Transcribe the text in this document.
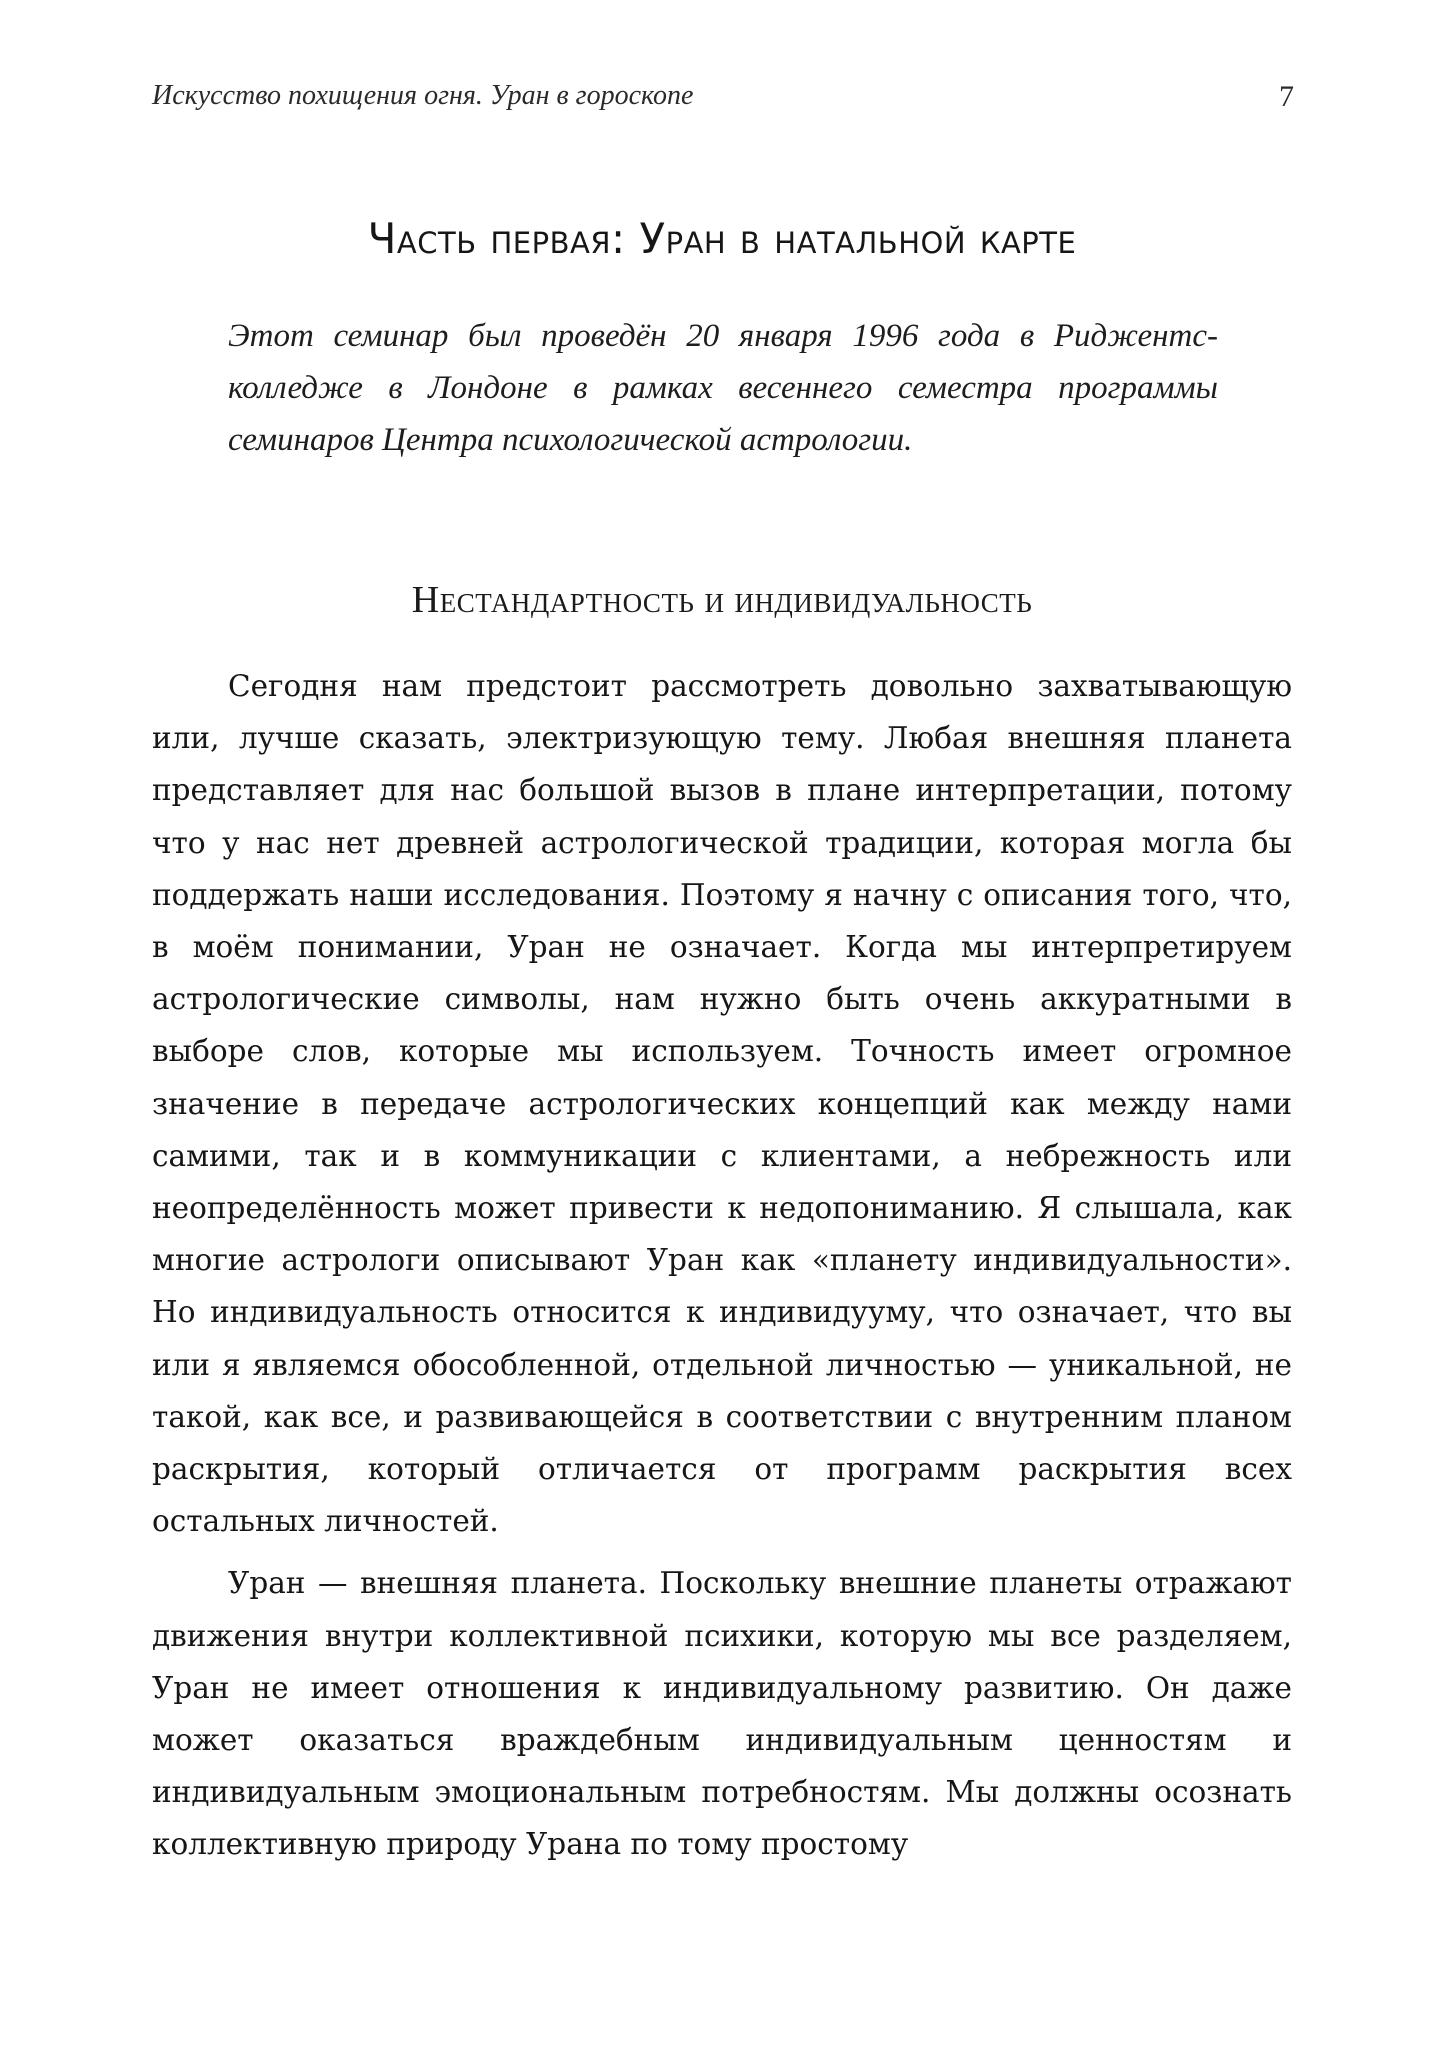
Искусство похищения огня. Уран в гороскопе	7
Часть первая: Уран в натальной карте

Этот семинар был проведён 20 января 1996 года в Риджентс-колледже в Лондоне в рамках весеннего семестра программы семинаров Центра психологической астрологии.

Нестандартность и индивидуальность

Сегодня нам предстоит рассмотреть довольно захватывающую или, лучше сказать, электризующую тему. Любая внешняя планета представляет для нас большой вызов в плане интерпретации, потому что у нас нет древней астрологической традиции, которая могла бы поддержать наши исследования. Поэтому я начну с описания того, что, в моём понимании, Уран не означает. Когда мы интерпретируем астрологические символы, нам нужно быть очень аккуратными в выборе слов, которые мы используем. Точность имеет огромное значение в передаче астрологических концепций как между нами самими, так и в коммуникации с клиентами, а небрежность или неопределённость может привести к недопониманию. Я слышала, как многие астрологи описывают Уран как «планету индивидуальности». Но индивидуальность относится к индивидууму, что означает, что вы или я являемся обособленной, отдельной личностью — уникальной, не такой, как все, и развивающейся в соответствии с внутренним планом раскрытия, который отличается от программ раскрытия всех остальных личностей.

Уран — внешняя планета. Поскольку внешние планеты отражают движения внутри коллективной психики, которую мы все разделяем, Уран не имеет отношения к индивидуальному развитию. Он даже может оказаться враждебным индивидуальным ценностям и индивидуальным эмоциональным потребностям. Мы должны осознать коллективную природу Урана по тому простому
